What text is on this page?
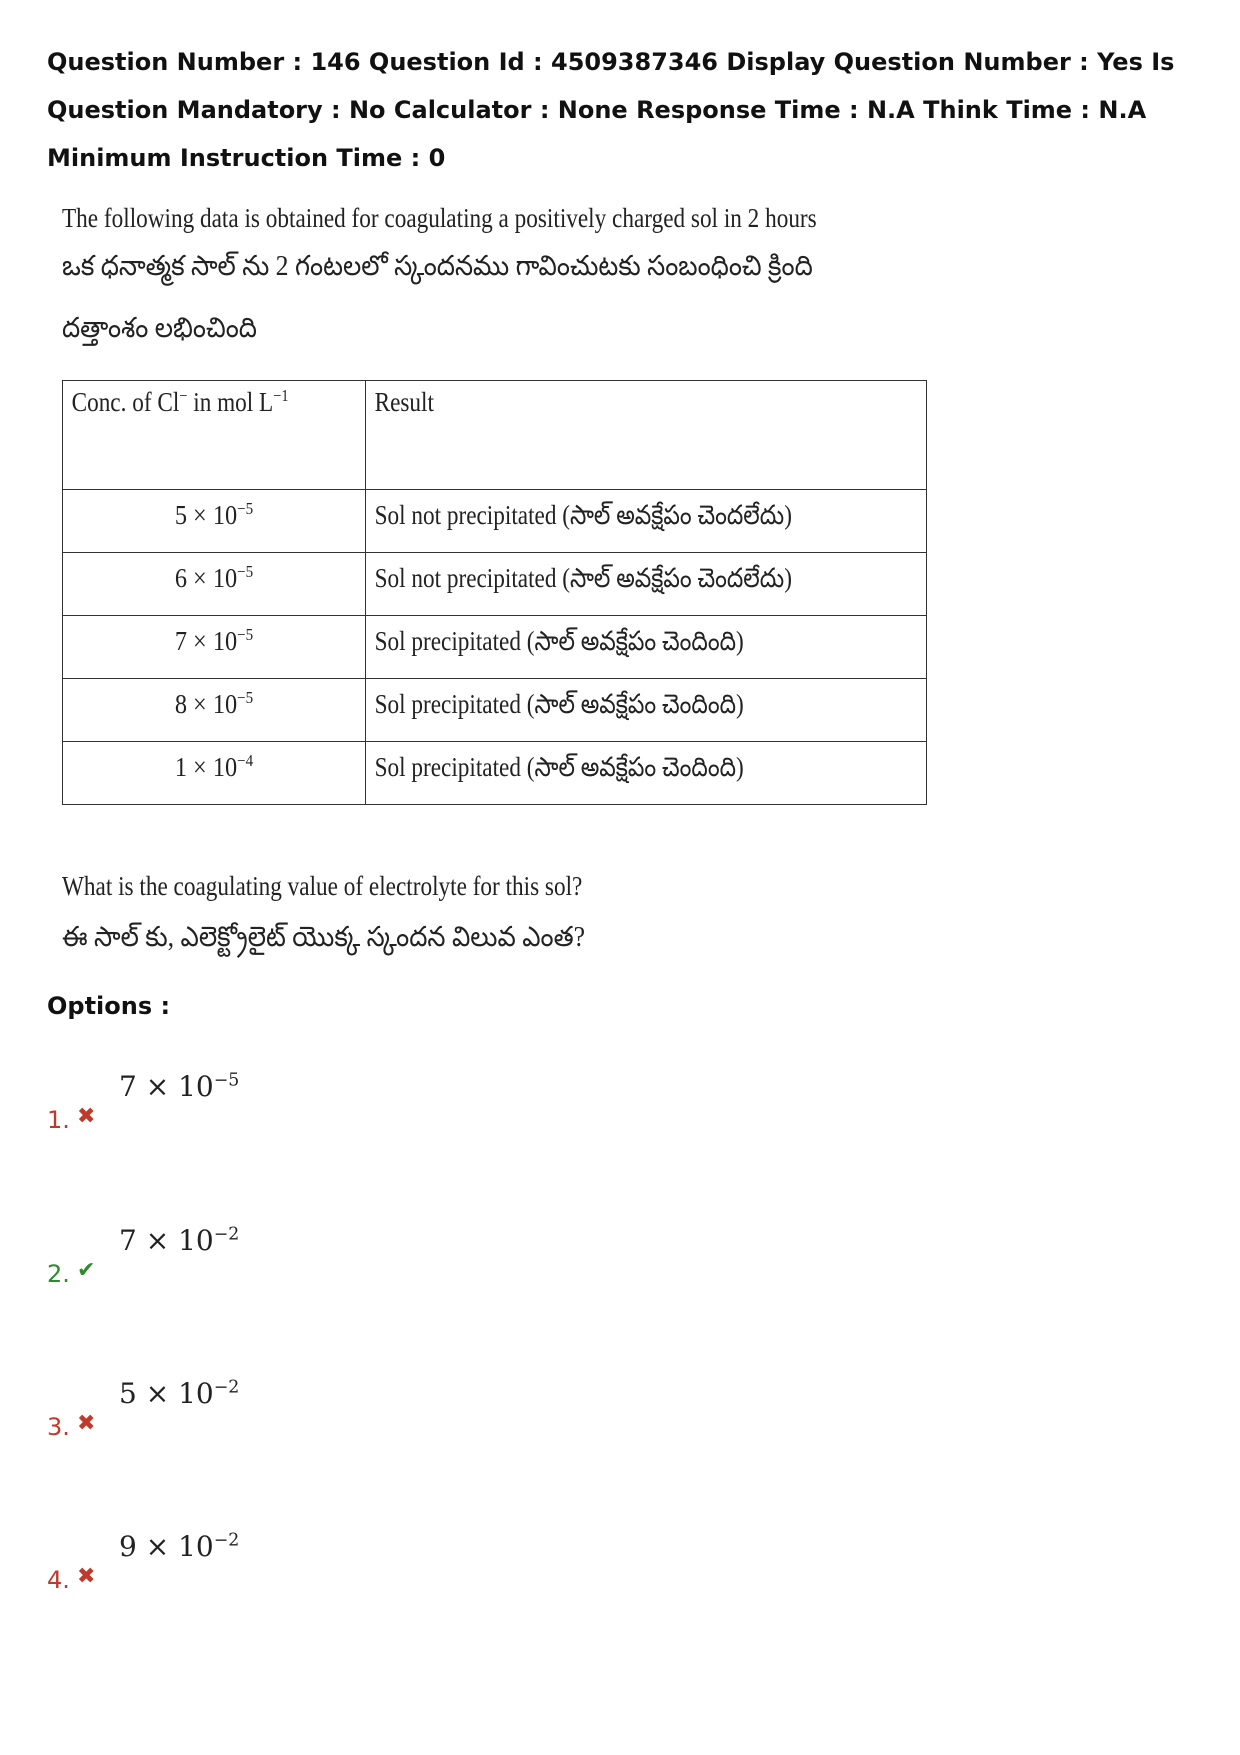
Question Number : 146 Question Id : 4509387346 Display Question Number : Yes Is Question Mandatory : No Calculator : None Response Time : N.A Think Time : N.A Minimum Instruction Time : 0

The following data is obtained for coagulating a positively charged sol in 2 hours

ఒక ధనాత్మక సాల్ ను 2 గంటలలో స్కందనము గావించుటకు సంబంధించి క్రింది దత్తాంశం లభించింది

Conc. of Cl− in mol $L^{-1}$	Result

$5 \times 10^{-5}$	Sol not precipitated (సాల్ అవక్షేపం చెందలేదు)

$6 \times 10^{-5}$	Sol not precipitated (సాల్ అవక్షేపం చెందలేదు)

$7 \times 10^{-5}$	Sol precipitated (సాల్ అవక్షేపం చెందింది)

$8 \times 10^{-5}$	Sol precipitated (సాల్ అవక్షేపం చెందింది)

$1 \times 10^{-4}$	Sol precipitated (సాల్ అవక్షేపం చెందింది)

What is the coagulating value of electrolyte for this sol?

ఈ సాల్ కు, ఎలెక్ట్రోలైట్ యొక్క స్కందన విలువ ఎంత?

Options :
1. ✖
$7 \times 10^{-5}$
2. ✔
$7 \times 10^{-2}$
3. ✖
$5 \times 10^{-2}$
4. ✖
$9 \times 10^{-2}$
